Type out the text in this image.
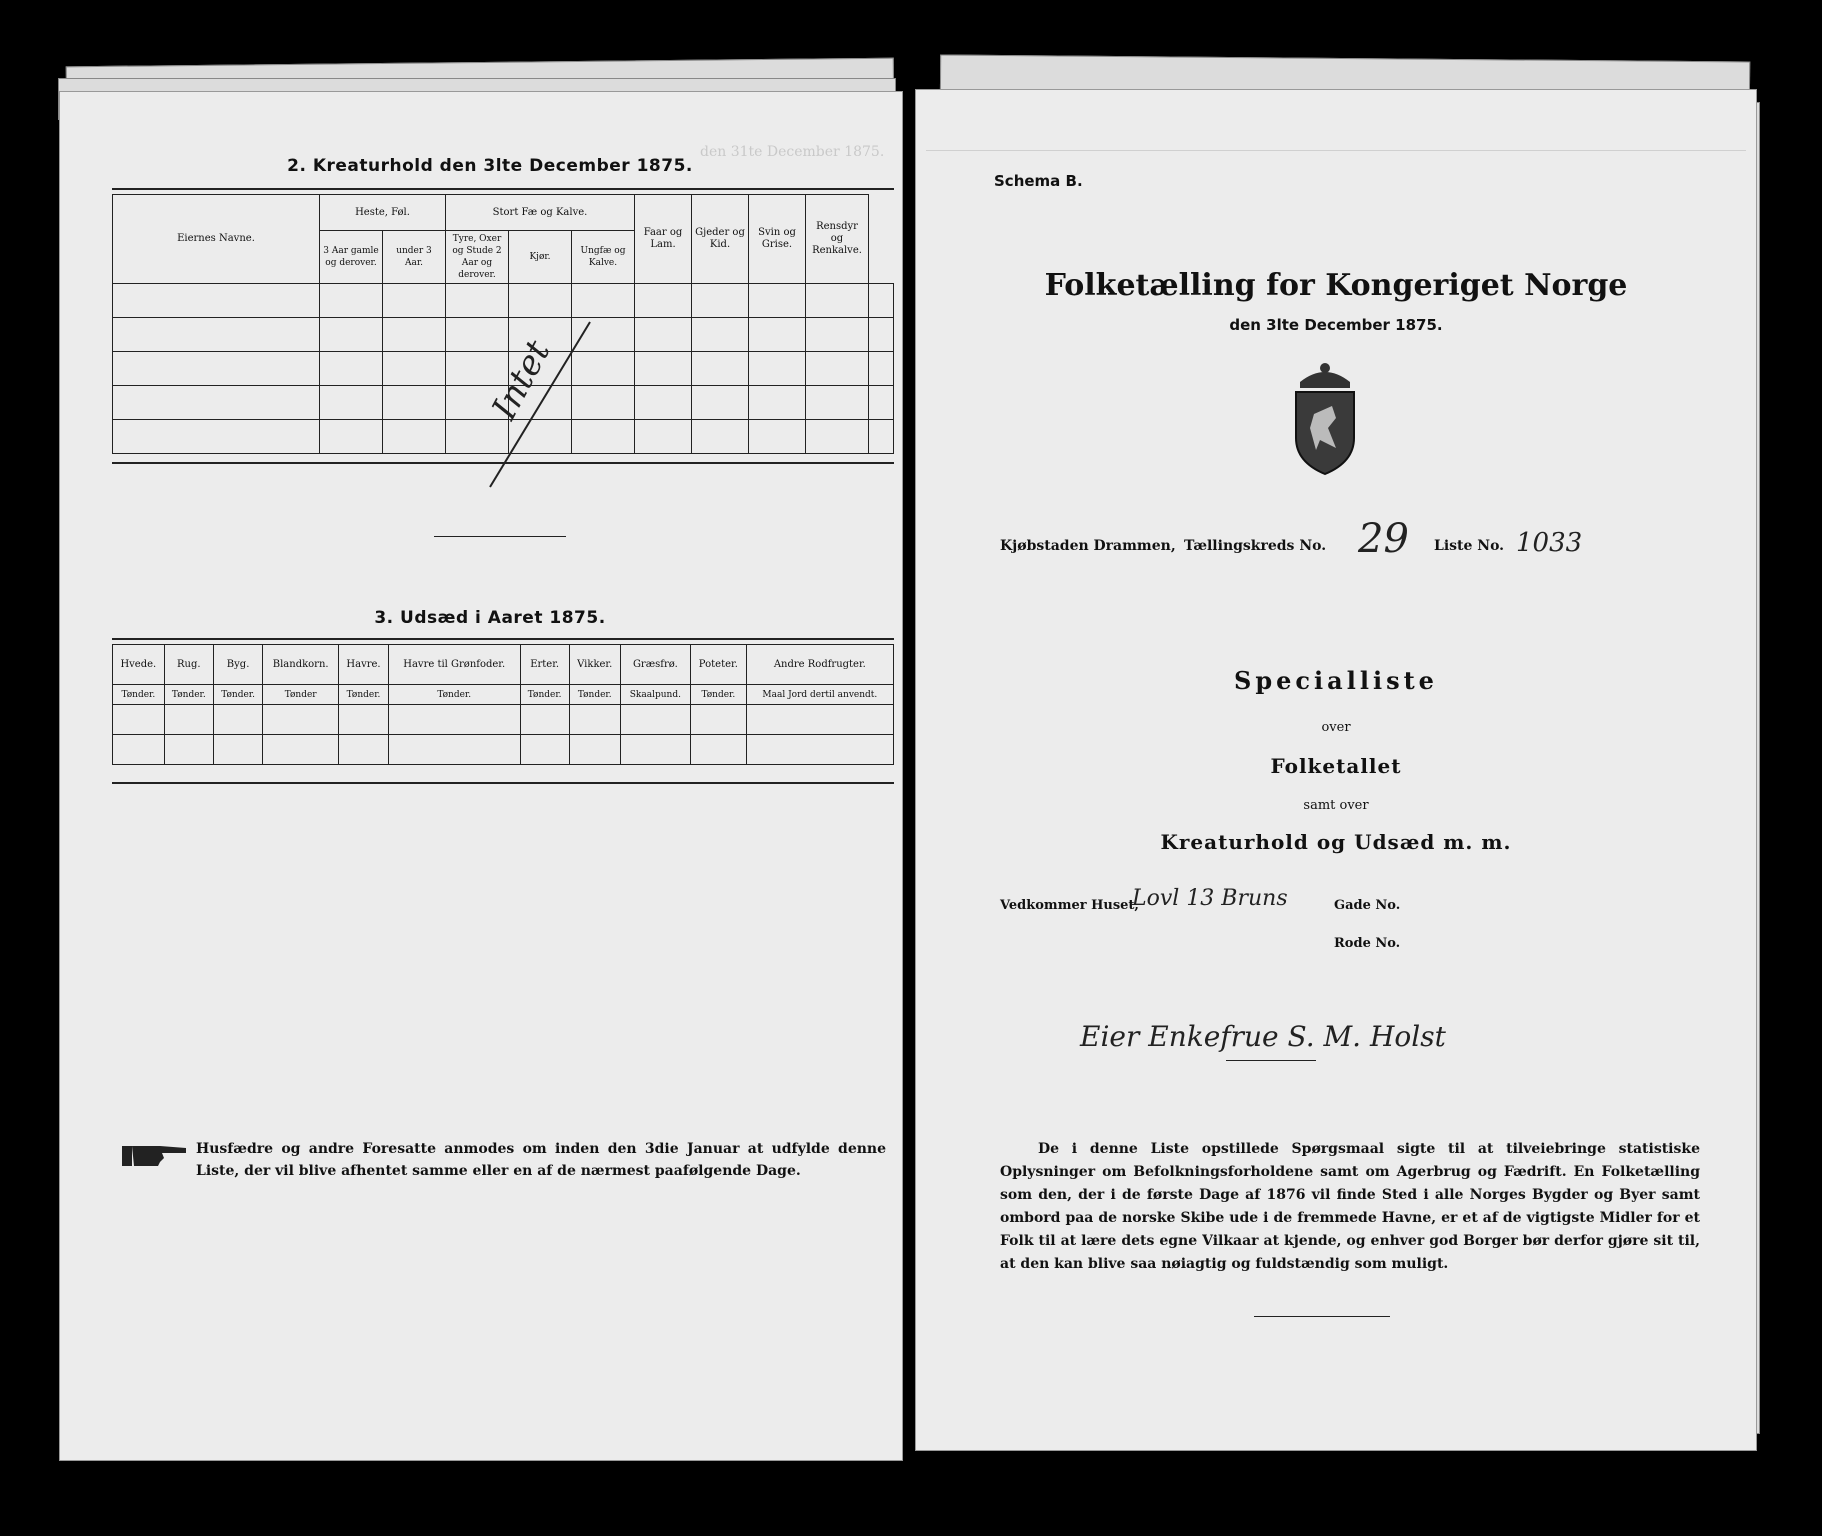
den 31te December 1875.
2. Kreaturhold den 3lte December 1875.
Eiernes Navne.	Heste, Føl.		Stort Fæ og Kalve.			Faar og Lam.	Gjeder og Kid.	Svin og Grise.	Rensdyr og Renkalve.	
	3 Aar gamle og derover.	under 3 Aar.	Tyre, Oxer og Stude 2 Aar og derover.	Kjør.	Ungfæ og Kalve.					

Intet
3. Udsæd i Aaret 1875.
Hvede.	Rug.	Byg.	Blandkorn.	Havre.	Havre til Grønfoder.	Erter.	Vikker.	Græsfrø.	Poteter.	Andre Rodfrugter.
Tønder.	Tønder.	Tønder.	Tønder	Tønder.	Tønder.	Tønder.	Tønder.	Skaalpund.	Tønder.	Maal Jord dertil anvendt.

Husfædre og andre Foresatte anmodes om inden den 3die Januar at udfylde denne Liste, der vil blive afhentet samme eller en af de nærmest paafølgende Dage.
Schema B.
Folketælling for Kongeriget Norge
den 3lte December 1875.
Kjøbstaden Drammen, Tællingskreds No. 29 Liste No. 1033
Specialliste
over
Folketallet
samt over
Kreaturhold og Udsæd m. m.
Vedkommer Huset,
Lovl 13 Bruns	Gade No.
Rode No.
Eier Enkefrue S. M. Holst
De i denne Liste opstillede Spørgsmaal sigte til at tilveiebringe statistiske Oplysninger om Befolkningsforholdene samt om Agerbrug og Fædrift. En Folketælling som den, der i de første Dage af 1876 vil finde Sted i alle Norges Bygder og Byer samt ombord paa de norske Skibe ude i de fremmede Havne, er et af de vigtigste Midler for et Folk til at lære dets egne Vilkaar at kjende, og enhver god Borger bør derfor gjøre sit til, at den kan blive saa nøiagtig og fuldstændig som muligt.
